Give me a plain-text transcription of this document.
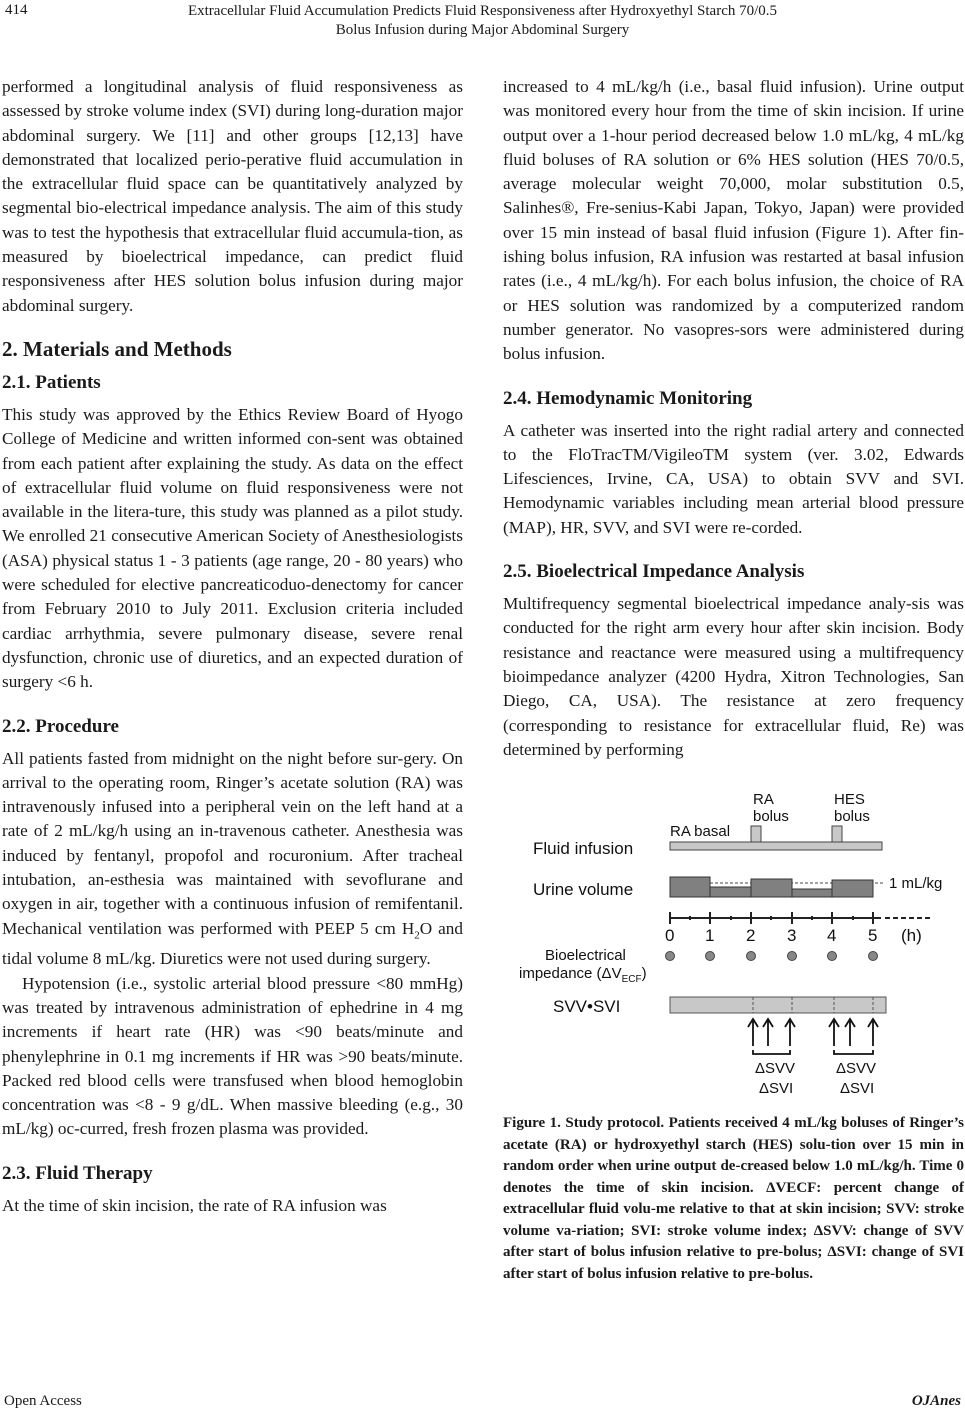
414	Extracellular Fluid Accumulation Predicts Fluid Responsiveness after Hydroxyethyl Starch 70/0.5
Bolus Infusion during Major Abdominal Surgery

performed a longitudinal analysis of fluid responsiveness as assessed by stroke volume index (SVI) during long-duration major abdominal surgery. We [11] and other groups [12,13] have demonstrated that localized perio-perative fluid accumulation in the extracellular fluid space can be quantitatively analyzed by segmental bio-electrical impedance analysis. The aim of this study was to test the hypothesis that extracellular fluid accumula-tion, as measured by bioelectrical impedance, can predict fluid responsiveness after HES solution bolus infusion during major abdominal surgery.

2. Materials and Methods
2.1. Patients

This study was approved by the Ethics Review Board of Hyogo College of Medicine and written informed con-sent was obtained from each patient after explaining the study. As data on the effect of extracellular fluid volume on fluid responsiveness were not available in the litera-ture, this study was planned as a pilot study. We enrolled 21 consecutive American Society of Anesthesiologists (ASA) physical status 1 - 3 patients (age range, 20 - 80 years) who were scheduled for elective pancreaticoduo-denectomy for cancer from February 2010 to July 2011. Exclusion criteria included cardiac arrhythmia, severe pulmonary disease, severe renal dysfunction, chronic use of diuretics, and an expected duration of surgery <6 h.

2.2. Procedure

All patients fasted from midnight on the night before sur-gery. On arrival to the operating room, Ringer’s acetate solution (RA) was intravenously infused into a peripheral vein on the left hand at a rate of 2 mL/kg/h using an in-travenous catheter. Anesthesia was induced by fentanyl, propofol and rocuronium. After tracheal intubation, an-esthesia was maintained with sevoflurane and oxygen in air, together with a continuous infusion of remifentanil. Mechanical ventilation was performed with PEEP 5 cm $H_2O$ and tidal volume 8 mL/kg. Diuretics were not used during surgery.

Hypotension (i.e., systolic arterial blood pressure <80 mmHg) was treated by intravenous administration of ephedrine in 4 mg increments if heart rate (HR) was <90 beats/minute and phenylephrine in 0.1 mg increments if HR was >90 beats/minute. Packed red blood cells were transfused when blood hemoglobin concentration was <8 - 9 g/dL. When massive bleeding (e.g., 30 mL/kg) oc-curred, fresh frozen plasma was provided.

2.3. Fluid Therapy

At the time of skin incision, the rate of RA infusion was

increased to 4 mL/kg/h (i.e., basal fluid infusion). Urine output was monitored every hour from the time of skin incision. If urine output over a 1-hour period decreased below 1.0 mL/kg, 4 mL/kg fluid boluses of RA solution or 6% HES solution (HES 70/0.5, average molecular weight 70,000, molar substitution 0.5, Salinhes®, Fre-senius-Kabi Japan, Tokyo, Japan) were provided over 15 min instead of basal fluid infusion (Figure 1). After fin-ishing bolus infusion, RA infusion was restarted at basal infusion rates (i.e., 4 mL/kg/h). For each bolus infusion, the choice of RA or HES solution was randomized by a computerized random number generator. No vasopres-sors were administered during bolus infusion.

2.4. Hemodynamic Monitoring

A catheter was inserted into the right radial artery and connected to the FloTracTM/VigileoTM system (ver. 3.02, Edwards Lifesciences, Irvine, CA, USA) to obtain SVV and SVI. Hemodynamic variables including mean arterial blood pressure (MAP), HR, SVV, and SVI were re-corded.

2.5. Bioelectrical Impedance Analysis

Multifrequency segmental bioelectrical impedance analy-sis was conducted for the right arm every hour after skin incision. Body resistance and reactance were measured using a multifrequency bioimpedance analyzer (4200 Hydra, Xitron Technologies, San Diego, CA, USA). The resistance at zero frequency (corresponding to resistance for extracellular fluid, Re) was determined by performing

RA
bolus
HES
bolus
RA basal
Fluid infusion
Urine volume	1 mL/kg
0 1 2 3 4 5 (h)
Bioelectrical
impedance $(\Delta V_{ECF})$
SVV•SVI
ΔSVV
ΔSVI
ΔSVV
ΔSVI

Figure 1. Study protocol. Patients received 4 mL/kg boluses of Ringer’s acetate (RA) or hydroxyethyl starch (HES) solu-tion over 15 min in random order when urine output de-creased below 1.0 mL/kg/h. Time 0 denotes the time of skin incision. ΔVECF: percent change of extracellular fluid volu-me relative to that at skin incision; SVV: stroke volume va-riation; SVI: stroke volume index; ΔSVV: change of SVV after start of bolus infusion relative to pre-bolus; ΔSVI: change of SVI after start of bolus infusion relative to pre-bolus.

Open Access	OJAnes
